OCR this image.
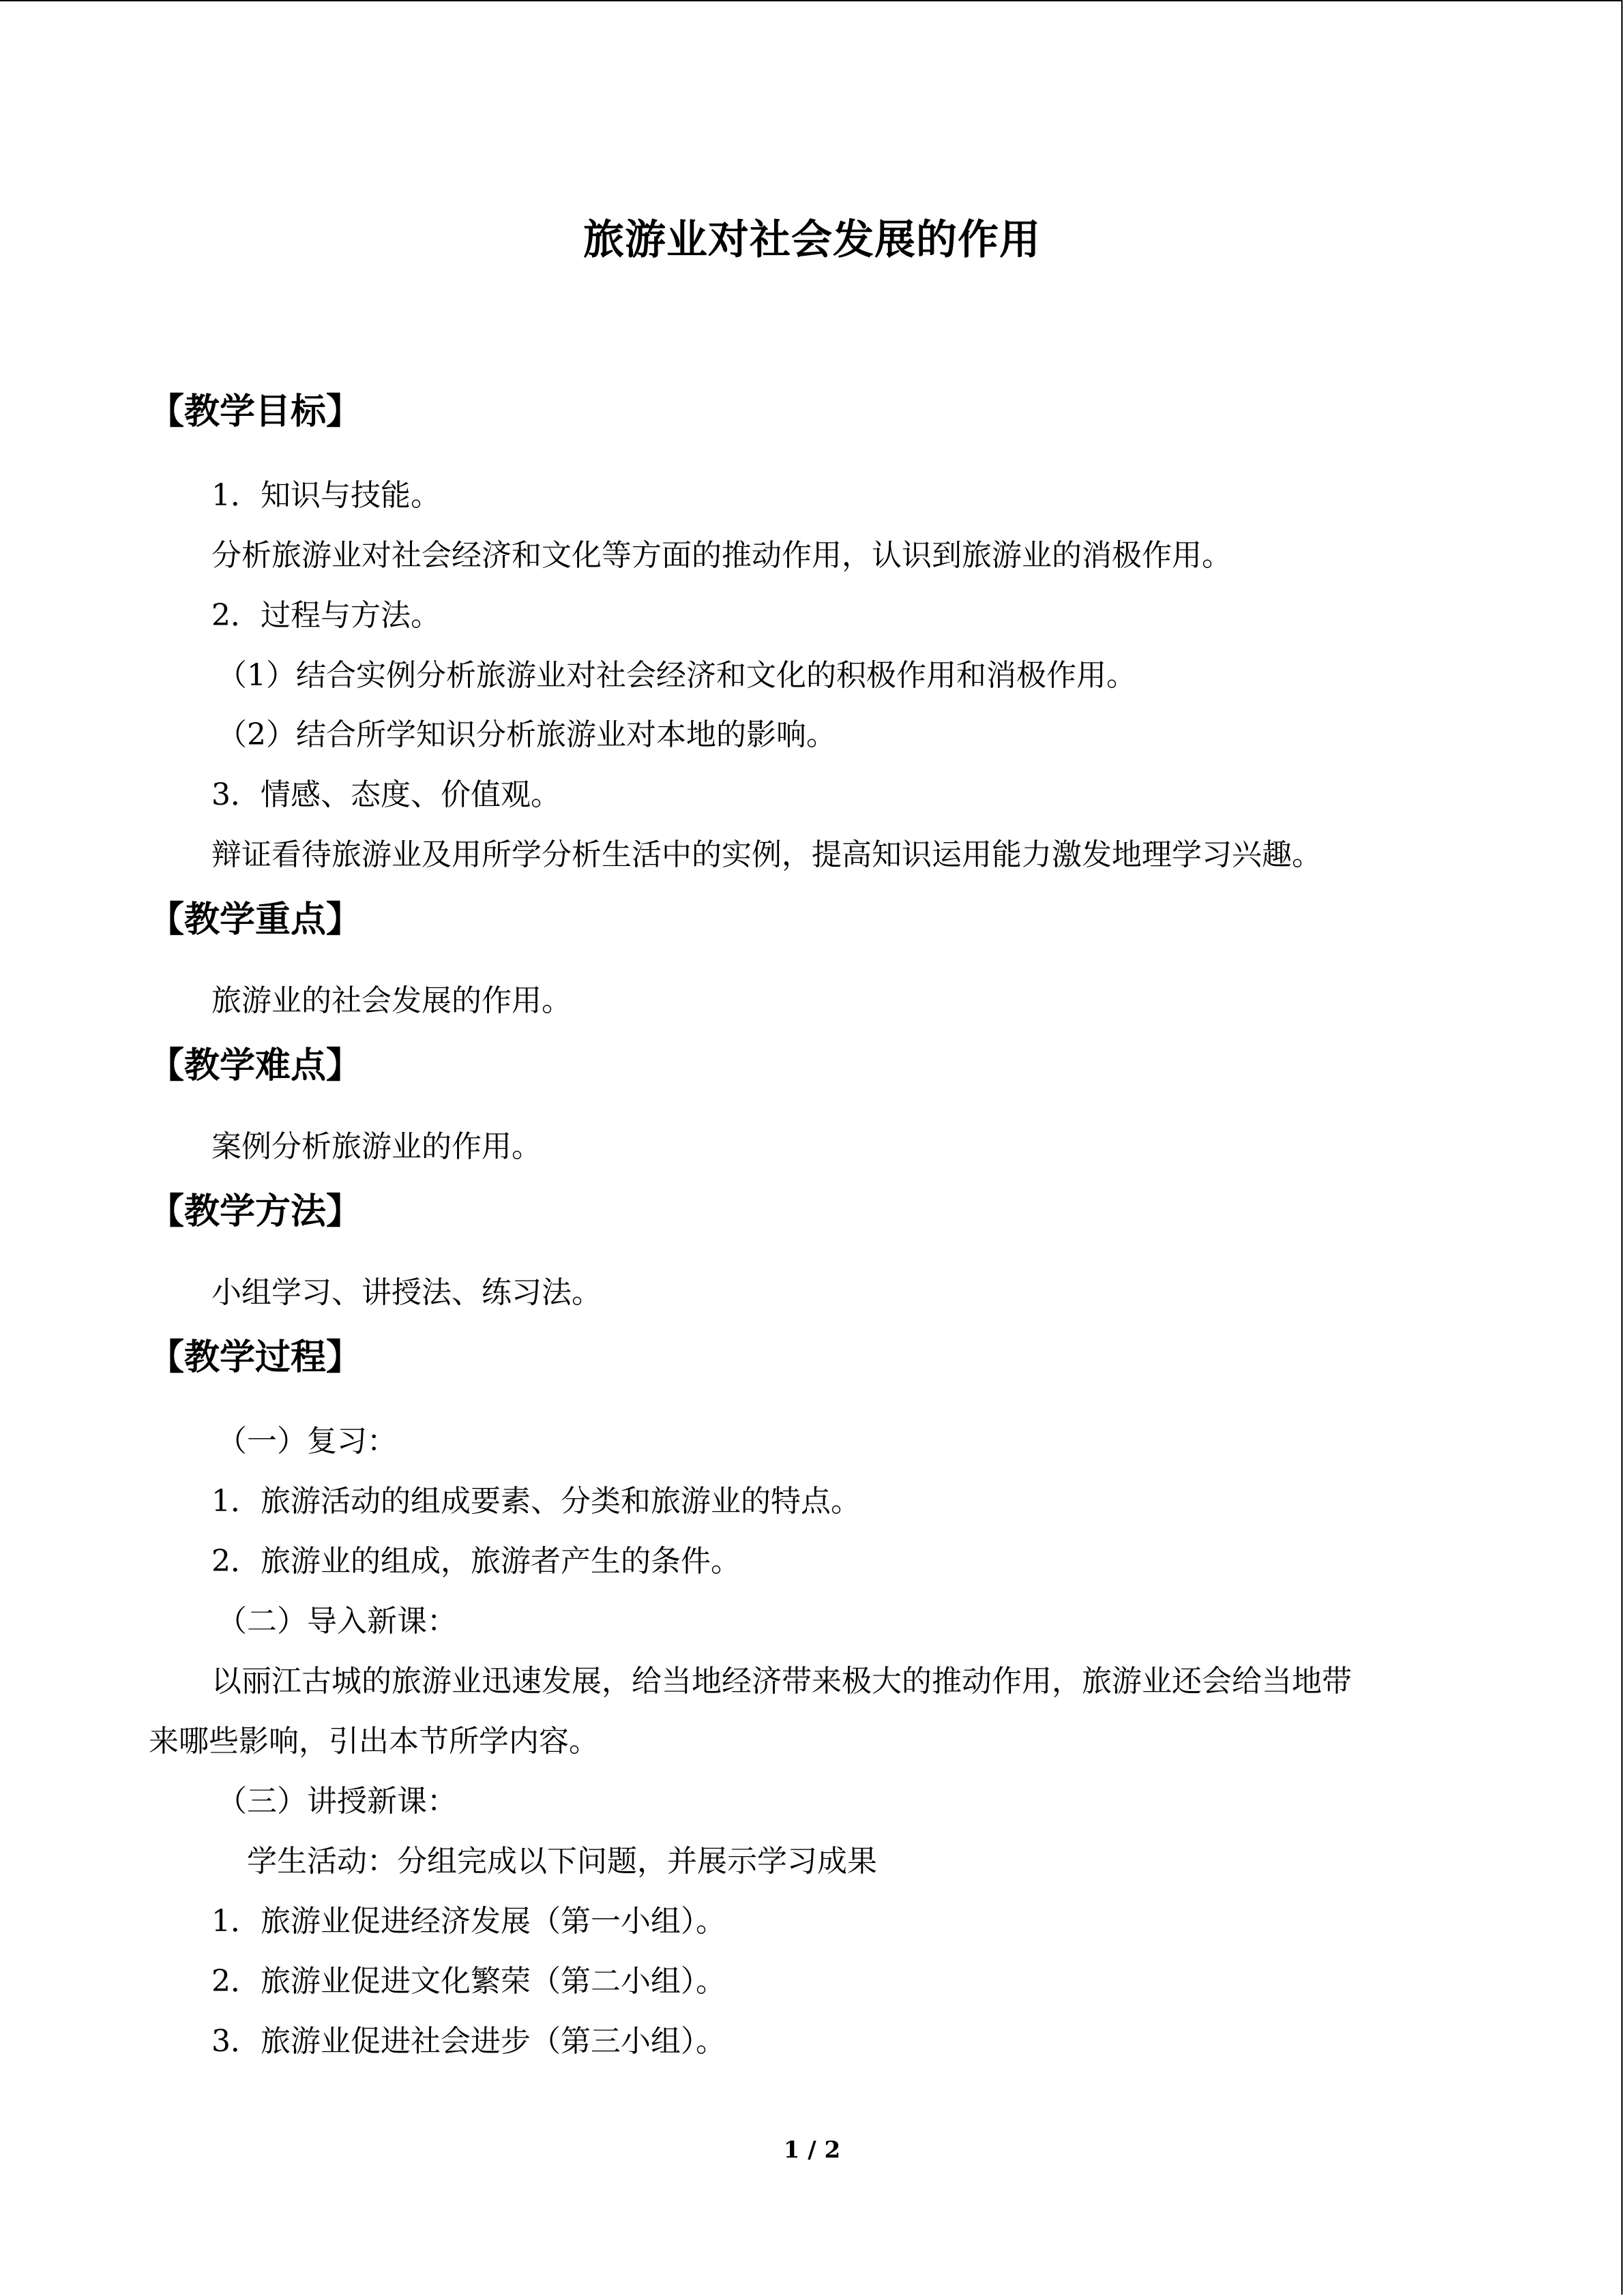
旅游业对社会发展的作用
【教学目标】
1．知识与技能。
分析旅游业对社会经济和文化等方面的推动作用，认识到旅游业的消极作用。
2．过程与方法。
（1）结合实例分析旅游业对社会经济和文化的积极作用和消极作用。
（2）结合所学知识分析旅游业对本地的影响。
3．情感、态度、价值观。
辩证看待旅游业及用所学分析生活中的实例，提高知识运用能力激发地理学习兴趣。
【教学重点】
旅游业的社会发展的作用。
【教学难点】
案例分析旅游业的作用。
【教学方法】
小组学习、讲授法、练习法。
【教学过程】
（一）复习：
1．旅游活动的组成要素、分类和旅游业的特点。
2．旅游业的组成，旅游者产生的条件。
（二）导入新课：
以丽江古城的旅游业迅速发展，给当地经济带来极大的推动作用，旅游业还会给当地带
来哪些影响，引出本节所学内容。
（三）讲授新课：
学生活动：分组完成以下问题，并展示学习成果
1．旅游业促进经济发展（第一小组）。
2．旅游业促进文化繁荣（第二小组）。
3．旅游业促进社会进步（第三小组）。
1 / 2
